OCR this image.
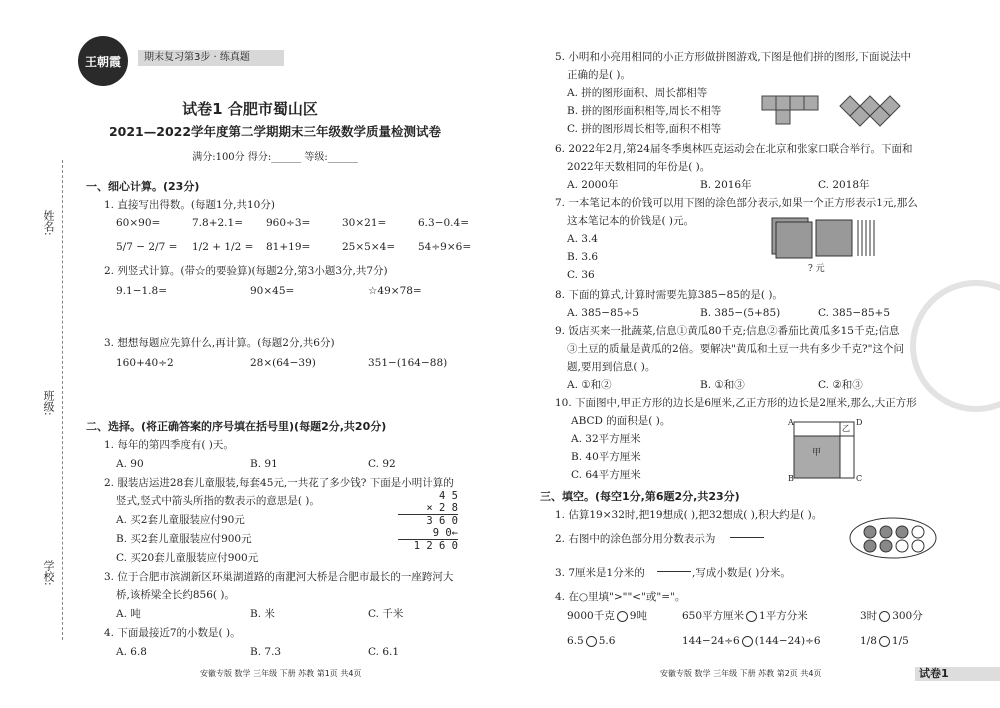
姓名:
班级:
学校:
王朝霞	期末复习第3步 · 练真题
试卷1 合肥市蜀山区
2021—2022学年度第二学期期末三年级数学质量检测试卷
满分:100分 得分:______ 等级:______
一、细心计算。(23分)
1. 直接写出得数。(每题1分,共10分)
60×90=	7.8+2.1= 960÷3=	30×21=	6.3−0.4=
5/7 − 2/7 = 1/2 + 1/2 = 81+19=	25×5×4= 54÷9×6=
2. 列竖式计算。(带☆的要验算)(每题2分,第3小题3分,共7分)
9.1−1.8=	90×45=	☆49×78=
3. 想想每题应先算什么,再计算。(每题2分,共6分)
160+40÷2	28×(64−39)	351−(164−88)
二、选择。(将正确答案的序号填在括号里)(每题2分,共20分)
1. 每年的第四季度有( )天。
A. 90	B. 91	C. 92
2. 服装店运进28套儿童服装,每套45元,一共花了多少钱? 下面是小明计算的
竖式,竖式中箭头所指的数表示的意思是( )。
A. 买2套儿童服装应付90元
B. 买2套儿童服装应付900元
C. 买20套儿童服装应付900元
4 5
× 2 8
3 6 0
9 0←
1 2 6 0
3. 位于合肥市滨湖新区环巢湖道路的南淝河大桥是合肥市最长的一座跨河大
桥,该桥梁全长约856( )。
A. 吨	B. 米	C. 千米
4. 下面最接近7的小数是( )。
A. 6.8	B. 7.3	C. 6.1
安徽专版 数学 三年级 下册 苏教 第1页 共4页
5. 小明和小亮用相同的小正方形做拼图游戏,下图是他们拼的图形,下面说法中
正确的是( )。
A. 拼的图形面积、周长都相等
B. 拼的图形面积相等,周长不相等
C. 拼的图形周长相等,面积不相等
6. 2022年2月,第24届冬季奥林匹克运动会在北京和张家口联合举行。下面和
2022年天数相同的年份是( )。
A. 2000年	B. 2016年	C. 2018年
7. 一本笔记本的价钱可以用下图的涂色部分表示,如果一个正方形表示1元,那么
这本笔记本的价钱是( )元。
A. 3.4
B. 3.6
C. 36	? 元
8. 下面的算式,计算时需要先算385−85的是( )。
A. 385−85÷5	B. 385−(5+85)	C. 385−85+5
9. 饭店买来一批蔬菜,信息①黄瓜80千克;信息②番茄比黄瓜多15千克;信息
③土豆的质量是黄瓜的2倍。要解决"黄瓜和土豆一共有多少千克?"这个问
题,要用到信息( )。
A. ①和②	B. ①和③	C. ②和③
10. 下面图中,甲正方形的边长是6厘米,乙正方形的边长是2厘米,那么,大正方形
ABCD 的面积是( )。
A. 32平方厘米
B. 40平方厘米
C. 64平方厘米
A	D
B	C
甲
乙
三、填空。(每空1分,第6题2分,共23分)
1. 估算19×32时,把19想成( ),把32想成( ),积大约是( )。
2. 右图中的涂色部分用分数表示为
3. 7厘米是1分米的	,写成小数是( )分米。
4. 在○里填">""<"或"="。
9000千克 9吨	650平方厘米 1平方分米	3时 300分
6.5 5.6	144−24÷6 (144−24)÷6	1/8 1/5
安徽专版 数学 三年级 下册 苏教 第2页 共4页	试卷1
